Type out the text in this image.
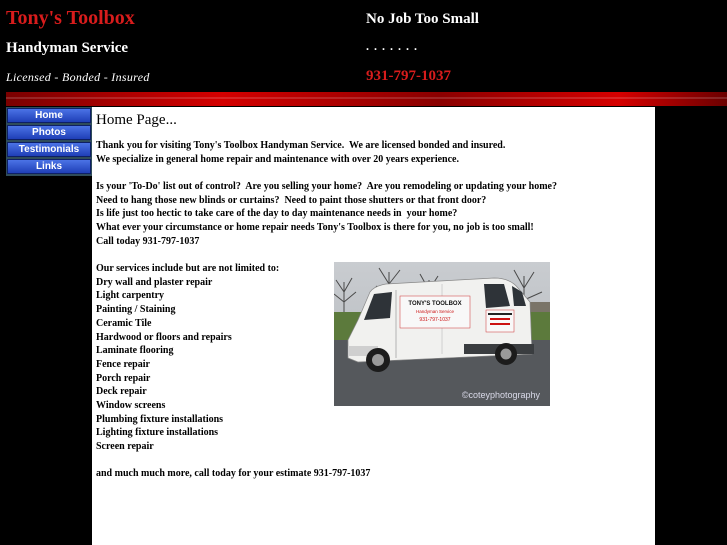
Tony's Toolbox
Handyman Service
Licensed - Bonded - Insured
No Job Too Small
. . . . . . .
931-797-1037
Home
Photos
Testimonials
Links
Home Page...
Thank you for visiting Tony's Toolbox Handyman Service.  We are licensed bonded and insured.
We specialize in general home repair and maintenance with over 20 years experience.
Is your 'To-Do' list out of control?  Are you selling your home?  Are you remodeling or updating your home?
Need to hang those new blinds or curtains?  Need to paint those shutters or that front door?
Is life just too hectic to take care of the day to day maintenance needs in  your home?
What ever your circumstance or home repair needs Tony's Toolbox is there for you, no job is too small!
Call today 931-797-1037
Our services include but are not limited to:
Dry wall and plaster repair
Light carpentry
Painting / Staining
Ceramic Tile
Hardwood or floors and repairs
Laminate flooring
Fence repair
Porch repair
Deck repair
Window screens
Plumbing fixture installations
Lighting fixture installations
Screen repair
and much much more, call today for your estimate 931-797-1037
TONY'S TOOLBOX
Handyman Service
931-797-1037
©coteyphotography
